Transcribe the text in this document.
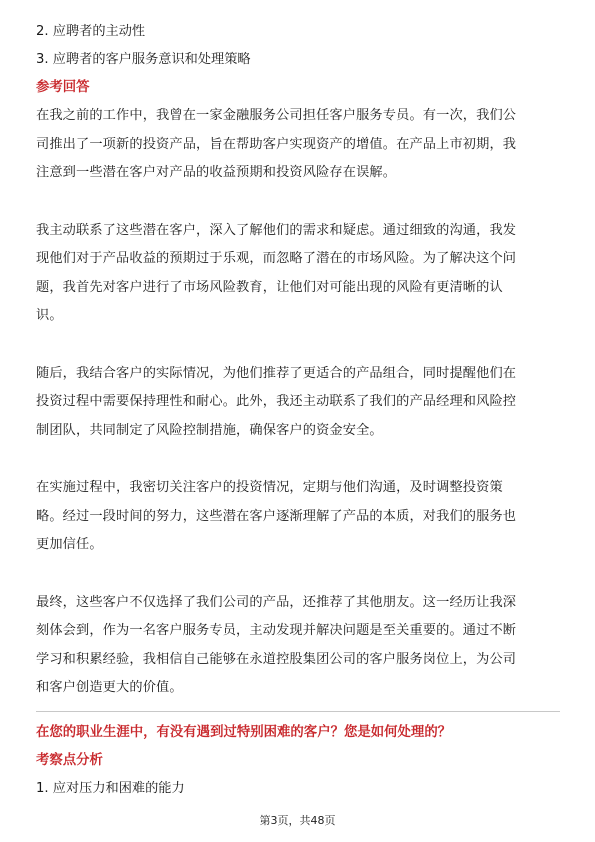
2. 应聘者的主动性
3. 应聘者的客户服务意识和处理策略
参考回答
在我之前的工作中，我曾在一家金融服务公司担任客户服务专员。有一次，我们公
司推出了一项新的投资产品，旨在帮助客户实现资产的增值。在产品上市初期，我
注意到一些潜在客户对产品的收益预期和投资风险存在误解。
我主动联系了这些潜在客户，深入了解他们的需求和疑虑。通过细致的沟通，我发
现他们对于产品收益的预期过于乐观，而忽略了潜在的市场风险。为了解决这个问
题，我首先对客户进行了市场风险教育，让他们对可能出现的风险有更清晰的认
识。
随后，我结合客户的实际情况，为他们推荐了更适合的产品组合，同时提醒他们在
投资过程中需要保持理性和耐心。此外，我还主动联系了我们的产品经理和风险控
制团队，共同制定了风险控制措施，确保客户的资金安全。
在实施过程中，我密切关注客户的投资情况，定期与他们沟通，及时调整投资策
略。经过一段时间的努力，这些潜在客户逐渐理解了产品的本质，对我们的服务也
更加信任。
最终，这些客户不仅选择了我们公司的产品，还推荐了其他朋友。这一经历让我深
刻体会到，作为一名客户服务专员，主动发现并解决问题是至关重要的。通过不断
学习和积累经验，我相信自己能够在永道控股集团公司的客户服务岗位上，为公司
和客户创造更大的价值。
在您的职业生涯中，有没有遇到过特别困难的客户？您是如何处理的？
考察点分析
1. 应对压力和困难的能力
第3页，共48页
